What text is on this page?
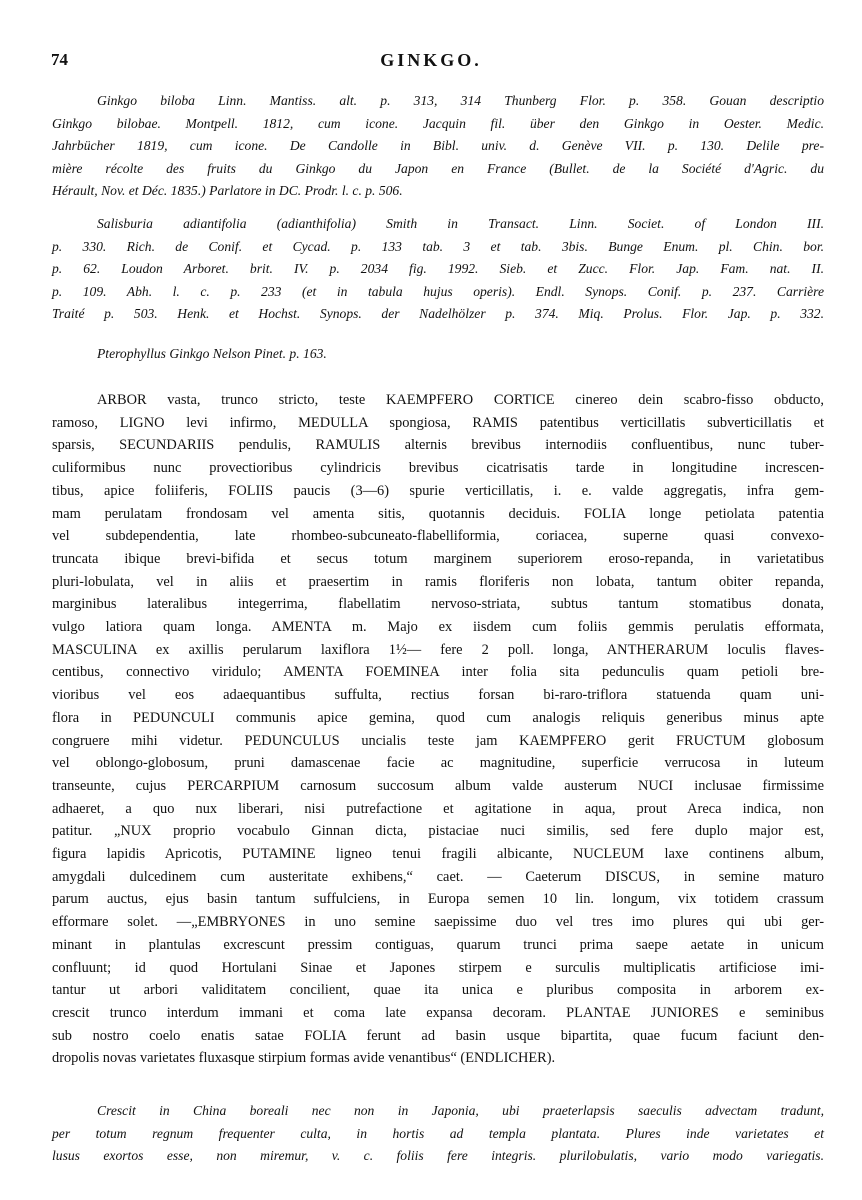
74	GINKGO.
Ginkgo biloba Linn. Mantiss. alt. p. 313, 314 Thunberg Flor. p. 358. Gouan descriptio
Ginkgo bilobae. Montpell. 1812, cum icone. Jacquin fil. über den Ginkgo in Oester. Medic.
Jahrbücher 1819, cum icone. De Candolle in Bibl. univ. d. Genève VII. p. 130. Delile pre-
mière récolte des fruits du Ginkgo du Japon en France (Bullet. de la Société d'Agric. du
Hérault, Nov. et Déc. 1835.) Parlatore in DC. Prodr. l. c. p. 506.
Salisburia adiantifolia (adianthifolia) Smith in Transact. Linn. Societ. of London III.
p. 330. Rich. de Conif. et Cycad. p. 133 tab. 3 et tab. 3bis. Bunge Enum. pl. Chin. bor.
p. 62. Loudon Arboret. brit. IV. p. 2034 fig. 1992. Sieb. et Zucc. Flor. Jap. Fam. nat. II.
p. 109. Abh. l. c. p. 233 (et in tabula hujus operis). Endl. Synops. Conif. p. 237. Carrière
Traité p. 503. Henk. et Hochst. Synops. der Nadelhölzer p. 374. Miq. Prolus. Flor. Jap. p. 332.
Pterophyllus Ginkgo Nelson Pinet. p. 163.
ARBOR vasta, trunco stricto, teste KAEMPFERO CORTICE cinereo dein scabro-fisso obducto,
ramoso, LIGNO levi infirmo, MEDULLA spongiosa, RAMIS patentibus verticillatis subverticillatis et
sparsis, SECUNDARIIS pendulis, RAMULIS alternis brevibus internodiis confluentibus, nunc tuber-
culiformibus nunc provectioribus cylindricis brevibus cicatrisatis tarde in longitudine increscen-
tibus, apice foliiferis, FOLIIS paucis (3—6) spurie verticillatis, i. e. valde aggregatis, infra gem-
mam perulatam frondosam vel amenta sitis, quotannis deciduis. FOLIA longe petiolata patentia
vel subdependentia, late rhombeo-subcuneato-flabelliformia, coriacea, superne quasi convexo-
truncata ibique brevi-bifida et secus totum marginem superiorem eroso-repanda, in varietatibus
pluri-lobulata, vel in aliis et praesertim in ramis floriferis non lobata, tantum obiter repanda,
marginibus lateralibus integerrima, flabellatim nervoso-striata, subtus tantum stomatibus donata,
vulgo latiora quam longa. AMENTA m. Majo ex iisdem cum foliis gemmis perulatis efformata,
MASCULINA ex axillis perularum laxiflora 1½— fere 2 poll. longa, ANTHERARUM loculis flaves-
centibus, connectivo viridulo; AMENTA FOEMINEA inter folia sita pedunculis quam petioli bre-
vioribus vel eos adaequantibus suffulta, rectius forsan bi-raro-triflora statuenda quam uni-
flora in PEDUNCULI communis apice gemina, quod cum analogis reliquis generibus minus apte
congruere mihi videtur. PEDUNCULUS uncialis teste jam KAEMPFERO gerit FRUCTUM globosum
vel oblongo-globosum, pruni damascenae facie ac magnitudine, superficie verrucosa in luteum
transeunte, cujus PERCARPIUM carnosum succosum album valde austerum NUCI inclusae firmissime
adhaeret, a quo nux liberari, nisi putrefactione et agitatione in aqua, prout Areca indica, non
patitur. „NUX proprio vocabulo Ginnan dicta, pistaciae nuci similis, sed fere duplo major est,
figura lapidis Apricotis, PUTAMINE ligneo tenui fragili albicante, NUCLEUM laxe continens album,
amygdali dulcedinem cum austeritate exhibens,“ caet. — Caeterum DISCUS, in semine maturo
parum auctus, ejus basin tantum suffulciens, in Europa semen 10 lin. longum, vix totidem crassum
efformare solet. —„EMBRYONES in uno semine saepissime duo vel tres imo plures qui ubi ger-
minant in plantulas excrescunt pressim contiguas, quarum trunci prima saepe aetate in unicum
confluunt; id quod Hortulani Sinae et Japones stirpem e surculis multiplicatis artificiose imi-
tantur ut arbori validitatem concilient, quae ita unica e pluribus composita in arborem ex-
crescit trunco interdum immani et coma late expansa decoram. PLANTAE JUNIORES e seminibus
sub nostro coelo enatis satae FOLIA ferunt ad basin usque bipartita, quae fucum faciunt den-
dropolis novas varietates fluxasque stirpium formas avide venantibus“ (ENDLICHER).
Crescit in China boreali nec non in Japonia, ubi praeterlapsis saeculis advectam tradunt,
per totum regnum frequenter culta, in hortis ad templa plantata. Plures inde varietates et
lusus exortos esse, non miremur, v. c. foliis fere integris. plurilobulatis, vario modo variegatis.
